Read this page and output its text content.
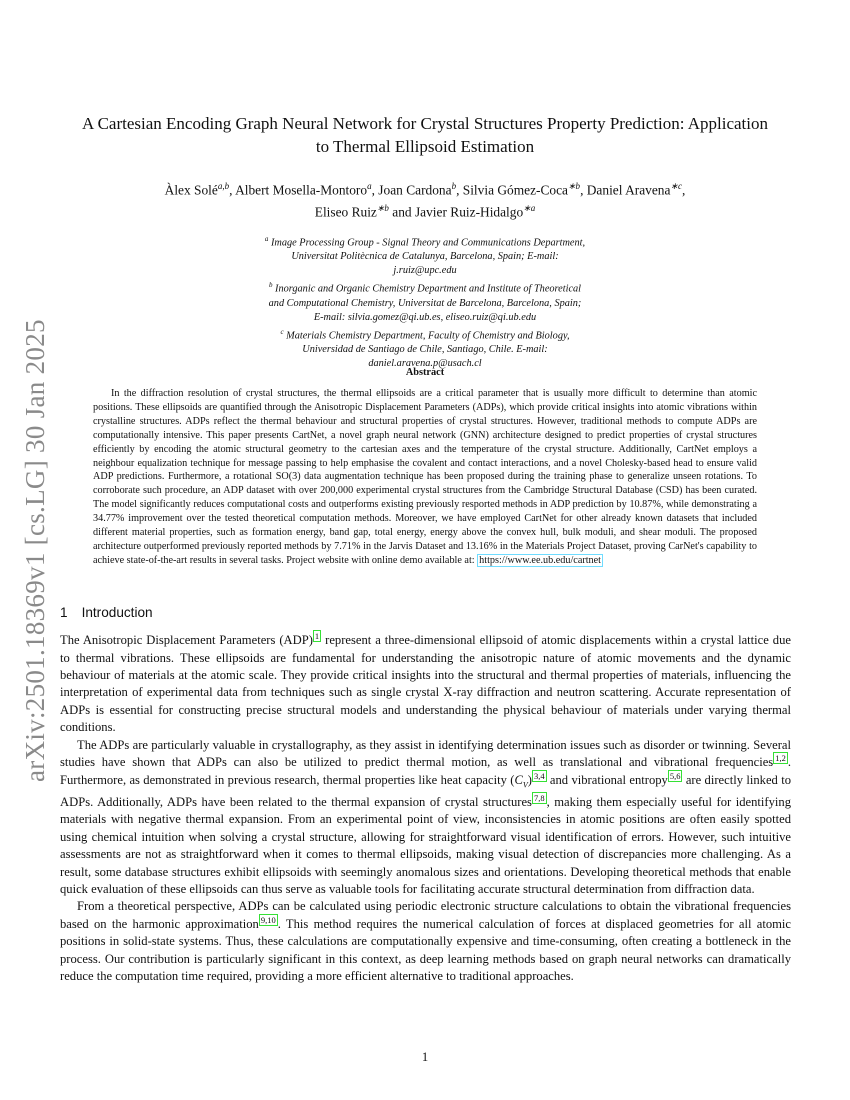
arXiv:2501.18369v1 [cs.LG] 30 Jan 2025
A Cartesian Encoding Graph Neural Network for Crystal Structures Property Prediction: Application
to Thermal Ellipsoid Estimation
Àlex Solé$^{a,b}$, Albert Mosella-Montoro$^a$, Joan Cardona$^b$, Silvia Gómez-Coca$^{∗b}$, Daniel Aravena$^{∗c}$,
Eliseo Ruiz$^{∗b}$ and Javier Ruiz-Hidalgo$^{∗a}$
$^a$ Image Processing Group - Signal Theory and Communications Department,
Universitat Politècnica de Catalunya, Barcelona, Spain; E-mail:
j.ruiz@upc.edu
$^b$ Inorganic and Organic Chemistry Department and Institute of Theoretical
and Computational Chemistry, Universitat de Barcelona, Barcelona, Spain;
E-mail: silvia.gomez@qi.ub.es, eliseo.ruiz@qi.ub.edu
$^c$ Materials Chemistry Department, Faculty of Chemistry and Biology,
Universidad de Santiago de Chile, Santiago, Chile. E-mail:
daniel.aravena.p@usach.cl
Abstract
In the diffraction resolution of crystal structures, the thermal ellipsoids are a critical parameter that is usually more difficult to determine than atomic positions. These ellipsoids are quantified through the Anisotropic Displacement Parameters (ADPs), which provide critical insights into atomic vibrations within crystalline structures. ADPs reflect the thermal behaviour and structural properties of crystal structures. However, traditional methods to compute ADPs are computationally intensive. This paper presents CartNet, a novel graph neural network (GNN) architecture designed to predict properties of crystal structures efficiently by encoding the atomic structural geometry to the cartesian axes and the temperature of the crystal structure. Additionally, CartNet employs a neighbour equalization technique for message passing to help emphasise the covalent and contact interactions, and a novel Cholesky-based head to ensure valid ADP predictions. Furthermore, a rotational SO(3) data augmentation technique has been proposed during the training phase to generalize unseen rotations. To corroborate such procedure, an ADP dataset with over 200,000 experimental crystal structures from the Cambridge Structural Database (CSD) has been curated. The model significantly reduces computational costs and outperforms existing previously resported methods in ADP prediction by 10.87%, while demonstrating a 34.77% improvement over the tested theoretical computation methods. Moreover, we have employed CartNet for other already known datasets that included different material properties, such as formation energy, band gap, total energy, energy above the convex hull, bulk moduli, and shear moduli. The proposed architecture outperformed previously reported methods by 7.71% in the Jarvis Dataset and 13.16% in the Materials Project Dataset, proving CarNet's capability to achieve state-of-the-art results in several tasks. Project website with online demo available at: https://www.ee.ub.edu/cartnet
1 Introduction

The Anisotropic Displacement Parameters (ADP) $^1$ represent a three-dimensional ellipsoid of atomic displacements within a crystal lattice due to thermal vibrations. These ellipsoids are fundamental for understanding the anisotropic nature of atomic movements and the dynamic behaviour of materials at the atomic scale. They provide critical insights into the structural and thermal properties of materials, influencing the interpretation of experimental data from techniques such as single crystal X-ray diffraction and neutron scattering. Accurate representation of ADPs is essential for constructing precise structural models and understanding the physical behaviour of materials under varying thermal conditions.

The ADPs are particularly valuable in crystallography, as they assist in identifying determination issues such as disorder or twinning. Several studies have shown that ADPs can also be utilized to predict thermal motion, as well as translational and vibrational frequencies $^{1,2}$ . Furthermore, as demonstrated in previous research, thermal properties like heat capacity $(C_V)$ $^{3,4}$ and vibrational entropy $^{5,6}$ are directly linked to ADPs. Additionally, ADPs have been related to the thermal expansion of crystal structures $^{7,8}$ , making them especially useful for identifying materials with negative thermal expansion. From an experimental point of view, inconsistencies in atomic positions are often easily spotted using chemical intuition when solving a crystal structure, allowing for straightforward visual identification of errors. However, such intuitive assessments are not as straightforward when it comes to thermal ellipsoids, making visual detection of discrepancies more challenging. As a result, some database structures exhibit ellipsoids with seemingly anomalous sizes and orientations. Developing theoretical methods that enable quick evaluation of these ellipsoids can thus serve as valuable tools for facilitating accurate structural determination from diffraction data.

From a theoretical perspective, ADPs can be calculated using periodic electronic structure calculations to obtain the vibrational frequencies based on the harmonic approximation $^{9,10}$ . This method requires the numerical calculation of forces at displaced geometries for all atomic positions in solid-state systems. Thus, these calculations are computationally expensive and time-consuming, often creating a bottleneck in the process. Our contribution is particularly significant in this context, as deep learning methods based on graph neural networks can dramatically reduce the computation time required, providing a more efficient alternative to traditional approaches.

1
